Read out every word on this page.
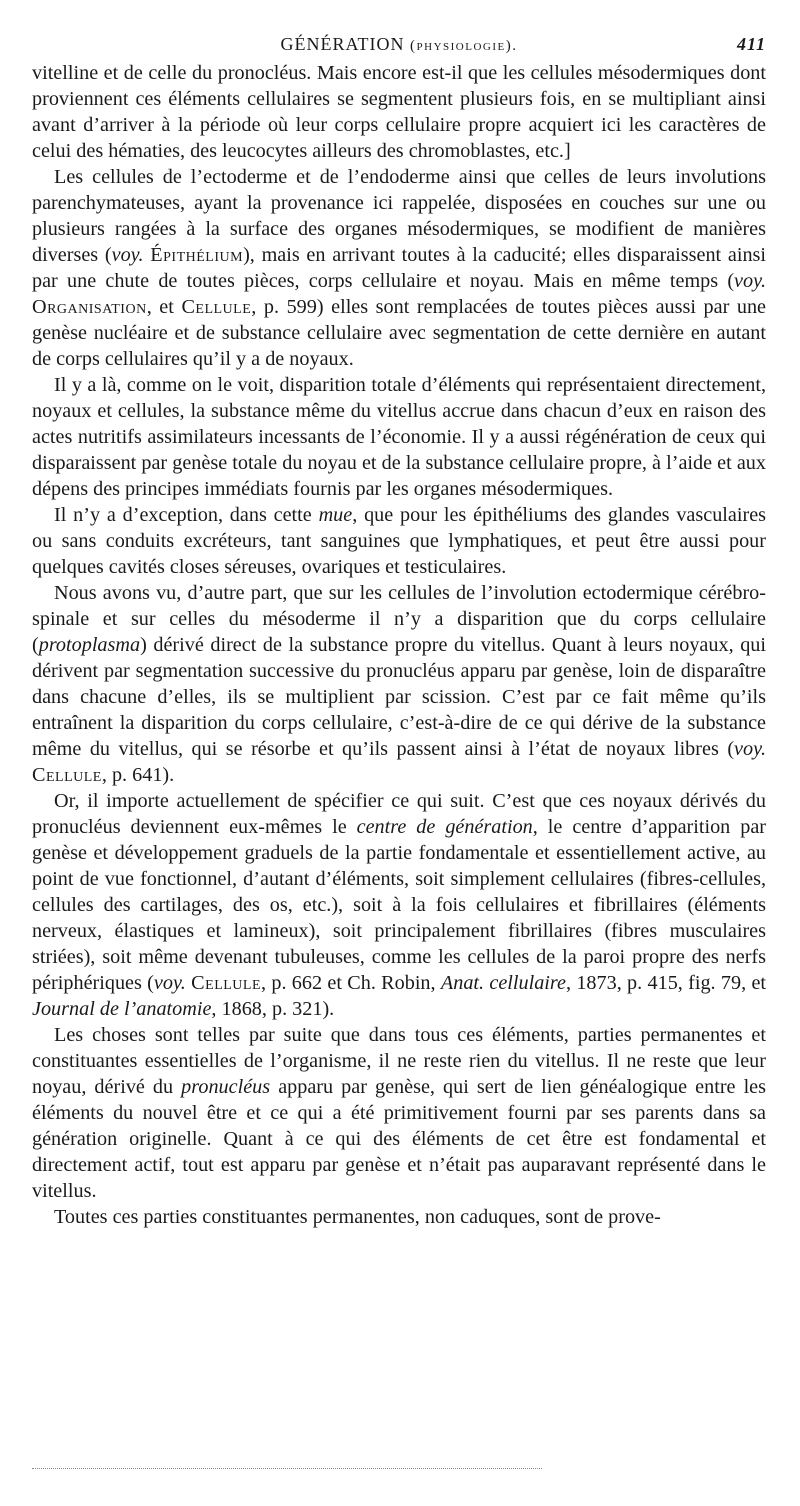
GÉNÉRATION (physiologie).	411

vitelline et de celle du pronocléus. Mais encore est-il que les cellules mésodermiques dont proviennent ces éléments cellulaires se segmentent plusieurs fois, en se multipliant ainsi avant d’arriver à la période où leur corps cellulaire propre acquiert ici les caractères de celui des hématies, des leucocytes ailleurs des chromoblastes, etc.]

Les cellules de l’ectoderme et de l’endoderme ainsi que celles de leurs involutions parenchymateuses, ayant la provenance ici rappelée, disposées en couches sur une ou plusieurs rangées à la surface des organes mésodermiques, se modifient de manières diverses (voy. Épithélium), mais en arrivant toutes à la caducité; elles disparaissent ainsi par une chute de toutes pièces, corps cellulaire et noyau. Mais en même temps (voy. Organisation, et Cellule, p. 599) elles sont remplacées de toutes pièces aussi par une genèse nucléaire et de substance cellulaire avec segmentation de cette dernière en autant de corps cellulaires qu’il y a de noyaux.

Il y a là, comme on le voit, disparition totale d’éléments qui représentaient directement, noyaux et cellules, la substance même du vitellus accrue dans chacun d’eux en raison des actes nutritifs assimilateurs incessants de l’économie. Il y a aussi régénération de ceux qui disparaissent par genèse totale du noyau et de la substance cellulaire propre, à l’aide et aux dépens des principes immédiats fournis par les organes mésodermiques.

Il n’y a d’exception, dans cette mue, que pour les épithéliums des glandes vasculaires ou sans conduits excréteurs, tant sanguines que lymphatiques, et peut être aussi pour quelques cavités closes séreuses, ovariques et testiculaires.

Nous avons vu, d’autre part, que sur les cellules de l’involution ectodermique cérébro-spinale et sur celles du mésoderme il n’y a disparition que du corps cellulaire (protoplasma) dérivé direct de la substance propre du vitellus. Quant à leurs noyaux, qui dérivent par segmentation successive du pronucléus apparu par genèse, loin de disparaître dans chacune d’elles, ils se multiplient par scission. C’est par ce fait même qu’ils entraînent la disparition du corps cellulaire, c’est-à-dire de ce qui dérive de la substance même du vitellus, qui se résorbe et qu’ils passent ainsi à l’état de noyaux libres (voy. Cellule, p. 641).

Or, il importe actuellement de spécifier ce qui suit. C’est que ces noyaux dérivés du pronucléus deviennent eux-mêmes le centre de génération, le centre d’apparition par genèse et développement graduels de la partie fondamentale et essentiellement active, au point de vue fonctionnel, d’autant d’éléments, soit simplement cellulaires (fibres-cellules, cellules des cartilages, des os, etc.), soit à la fois cellulaires et fibrillaires (éléments nerveux, élastiques et lamineux), soit principalement fibrillaires (fibres musculaires striées), soit même devenant tubuleuses, comme les cellules de la paroi propre des nerfs périphériques (voy. Cellule, p. 662 et Ch. Robin, Anat. cellulaire, 1873, p. 415, fig. 79, et Journal de l’anatomie, 1868, p. 321).

Les choses sont telles par suite que dans tous ces éléments, parties permanentes et constituantes essentielles de l’organisme, il ne reste rien du vitellus. Il ne reste que leur noyau, dérivé du pronucléus apparu par genèse, qui sert de lien généalogique entre les éléments du nouvel être et ce qui a été primitivement fourni par ses parents dans sa génération originelle. Quant à ce qui des éléments de cet être est fondamental et directement actif, tout est apparu par genèse et n’était pas auparavant représenté dans le vitellus.

Toutes ces parties constituantes permanentes, non caduques, sont de prove-
